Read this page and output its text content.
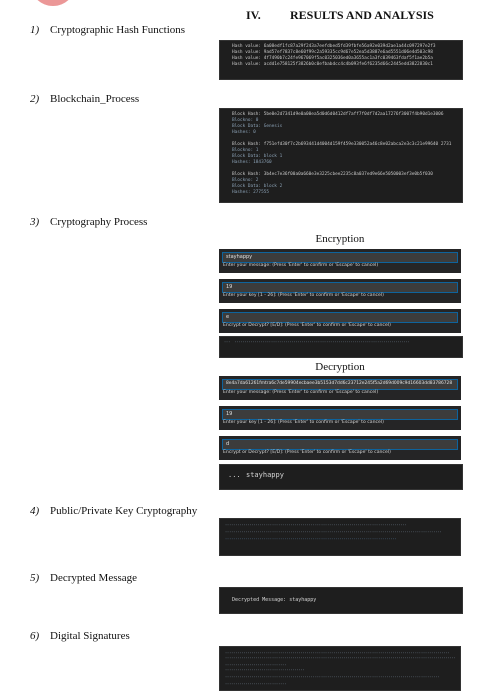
IV. RESULTS AND ANALYSIS
1) Cryptographic Hash Functions
Hash value: 6a08edf1fc87a29f243a7eefdbed5fd39fbfe56a92e039d2ae1a44c097297e2f3
Hash value: 9ad57ef7837c8e60f99c2a59335cc9d67e52ea5d3887e6ad5551d06e4d503c98
Hash value: 4f7490b7c24fe967069f5ac0325036ed0a3655ac1a3fc039463fdaf5f1ae2b5a
Hash value: acdd1e758125f3826b0c0efbabdcc4c4b093fe6f6235d66c2445edd3822830c1
2) Blockchain_Process
Block Hash: 5be0e2d7341d9e0a00ea5d0d6d0412df7aff7f0df7d2aa17276f3007f4b90d1e3006
Blockno: 0
Block Data: Genesis
Hashes: 0

Block Hash: f751efd30f7c2b693441d4004d159f459e330052a46c8e02abca2e3c3c21e99640 2731
Blockno: 1
Block Data: block 1
Hashes: 1843760

Block Hash: 3b4ec7e36f00a0a660e3e3225cbee2235c8a037ed9e66e5050003ef3e0b5f030
Blockno: 2
Block Data: block 2
Hashes: 277555
3) Cryptography Process
Encryption
stayhappy
Enter your message: (Press 'Enter' to confirm or 'Escape' to cancel)
19
Enter your key [1 - 26]: (Press 'Enter' to confirm or 'Escape' to cancel)
e
Encrypt or Decrypt? [E/D]: (Press 'Enter' to confirm or 'Escape' to cancel)
···  ······················································································
Decryption
8e4a7da61261fmtra6c7de59904ecbaee3b5153d7dd6c23712e245f5a2d69d009c9d16603dd83786728
Enter your message: (Press 'Enter' to confirm or 'Escape' to cancel)
19
Enter your key [1 - 26]: (Press 'Enter' to confirm or 'Escape' to cancel)
d
Encrypt or Decrypt? [E/D]: (Press 'Enter' to confirm or 'Escape' to cancel)
... stayhappy
4) Public/Private Key Cryptography
·························································································
··········································································································
····················································································
5) Decrypted Message
Decrypted Message: stayhappy
6) Digital Signatures
··············································································································
·················································································································
······························
·······································
·········································································································
······························
